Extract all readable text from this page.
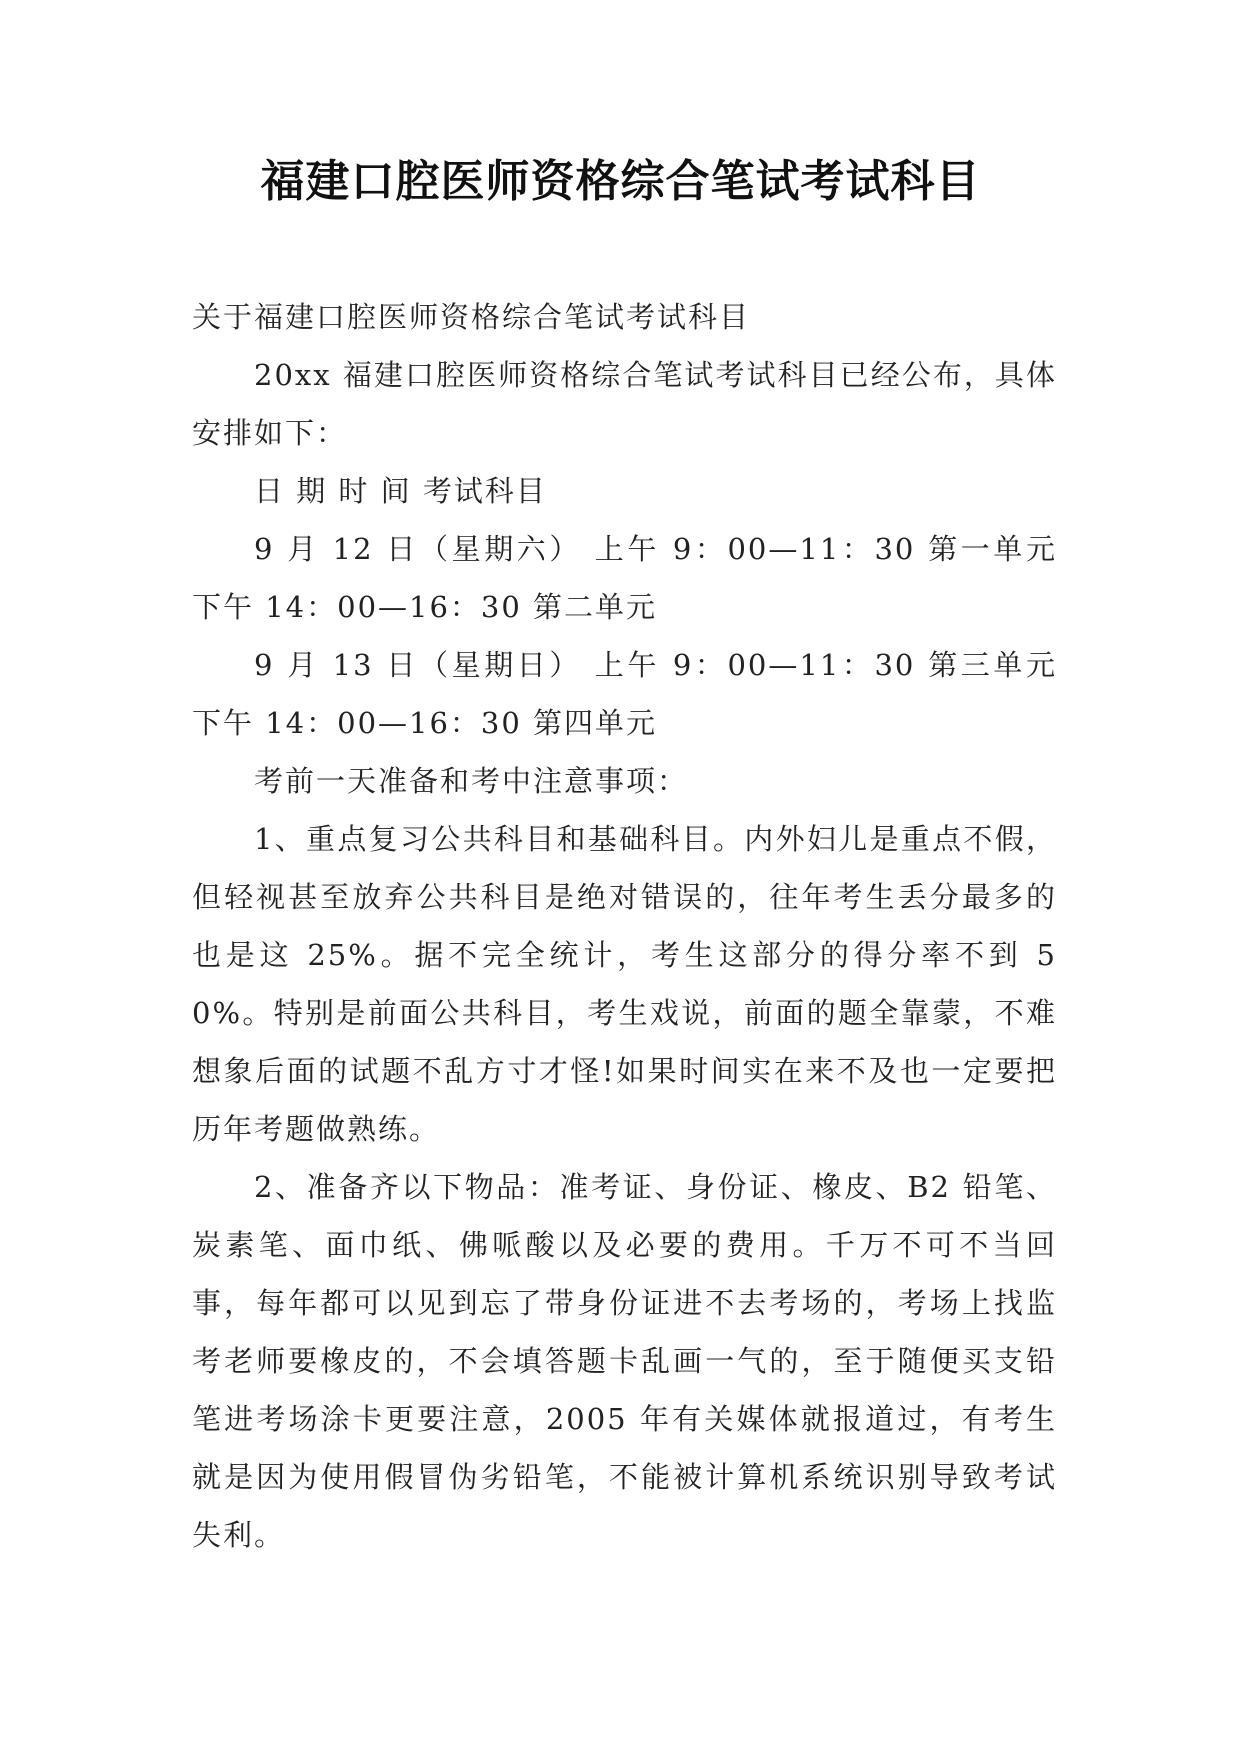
福建口腔医师资格综合笔试考试科目

关于福建口腔医师资格综合笔试考试科目

20xx 福建口腔医师资格综合笔试考试科目已经公布，具体安排如下：

日 期 时 间 考试科目

9 月 12 日（星期六） 上午 9：00—11：30 第一单元 下午 14：00—16：30 第二单元

9 月 13 日（星期日） 上午 9：00—11：30 第三单元 下午 14：00—16：30 第四单元

考前一天准备和考中注意事项：

1、重点复习公共科目和基础科目。内外妇儿是重点不假，但轻视甚至放弃公共科目是绝对错误的，往年考生丢分最多的也是这 25%。据不完全统计，考生这部分的得分率不到 50%。特别是前面公共科目，考生戏说，前面的题全靠蒙，不难想象后面的试题不乱方寸才怪!如果时间实在来不及也一定要把历年考题做熟练。

2、准备齐以下物品：准考证、身份证、橡皮、B2 铅笔、炭素笔、面巾纸、佛哌酸以及必要的费用。千万不可不当回事，每年都可以见到忘了带身份证进不去考场的，考场上找监考老师要橡皮的，不会填答题卡乱画一气的，至于随便买支铅笔进考场涂卡更要注意，2005 年有关媒体就报道过，有考生就是因为使用假冒伪劣铅笔，不能被计算机系统识别导致考试失利。
